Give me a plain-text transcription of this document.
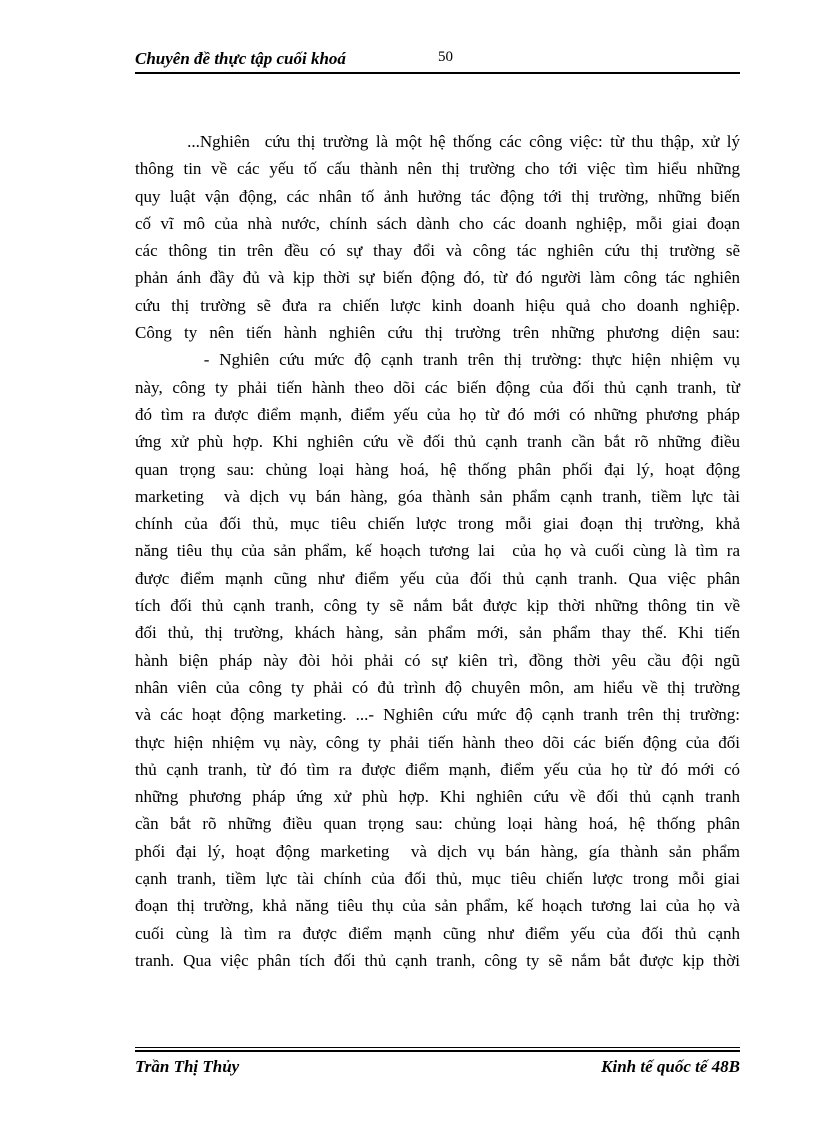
Chuyên đề thực tập cuối khoá	50
...Nghiên  cứu thị trường là một hệ thống các công việc: từ thu thập, xử lý
thông tin về các yếu tố cấu thành nên thị trường cho tới việc tìm hiểu những
quy luật vận động, các nhân tố ảnh hưởng tác động tới thị trường, những biến
cố vĩ mô của nhà nước, chính sách dành cho các doanh nghiệp, mỗi giai đoạn
các thông tin trên đều có sự thay đổi và công tác nghiên cứu thị trường sẽ
phản ánh đầy đủ và kịp thời sự biến động đó, từ đó người làm công tác nghiên
cứu thị trường sẽ đưa ra chiến lược kinh doanh hiệu quả cho doanh nghiệp.
Công ty nên tiến hành nghiên cứu thị trường trên những phương diện sau:
- Nghiên cứu mức độ cạnh tranh trên thị trường: thực hiện nhiệm vụ
này, công ty phải tiến hành theo dõi các biến động của đối thủ cạnh tranh, từ
đó tìm ra được điểm mạnh, điểm yếu của họ từ đó mới có những phương pháp
ứng xử phù hợp. Khi nghiên cứu về đối thủ cạnh tranh cần bắt rõ những điều
quan trọng sau: chủng loại hàng hoá, hệ thống phân phối đại lý, hoạt động
marketing  và dịch vụ bán hàng, góa thành sản phẩm cạnh tranh, tiềm lực tài
chính của đối thủ, mục tiêu chiến lược trong mỗi giai đoạn thị trường, khả
năng tiêu thụ của sản phẩm, kế hoạch tương lai  của họ và cuối cùng là tìm ra
được điểm mạnh cũng như điểm yếu của đối thủ cạnh tranh. Qua việc phân
tích đối thủ cạnh tranh, công ty sẽ nắm bắt được kịp thời những thông tin về
đối thủ, thị trường, khách hàng, sản phẩm mới, sản phẩm thay thế. Khi tiến
hành biện pháp này đòi hỏi phải có sự kiên trì, đồng thời yêu cầu đội ngũ
nhân viên của công ty phải có đủ trình độ chuyên môn, am hiểu về thị trường
và các hoạt động marketing. ...- Nghiên cứu mức độ cạnh tranh trên thị trường:
thực hiện nhiệm vụ này, công ty phải tiến hành theo dõi các biến động của đối
thủ cạnh tranh, từ đó tìm ra được điểm mạnh, điểm yếu của họ từ đó mới có
những phương pháp ứng xử phù hợp. Khi nghiên cứu về đối thủ cạnh tranh
cần bắt rõ những điều quan trọng sau: chủng loại hàng hoá, hệ thống phân
phối đại lý, hoạt động marketing  và dịch vụ bán hàng, gía thành sản phẩm
cạnh tranh, tiềm lực tài chính của đối thủ, mục tiêu chiến lược trong mỗi giai
đoạn thị trường, khả năng tiêu thụ của sản phẩm, kế hoạch tương lai của họ và
cuối cùng là tìm ra được điểm mạnh cũng như điểm yếu của đối thủ cạnh
tranh. Qua việc phân tích đối thủ cạnh tranh, công ty sẽ nắm bắt được kịp thời
Trần Thị Thủy	Kinh tế quốc tế 48B
